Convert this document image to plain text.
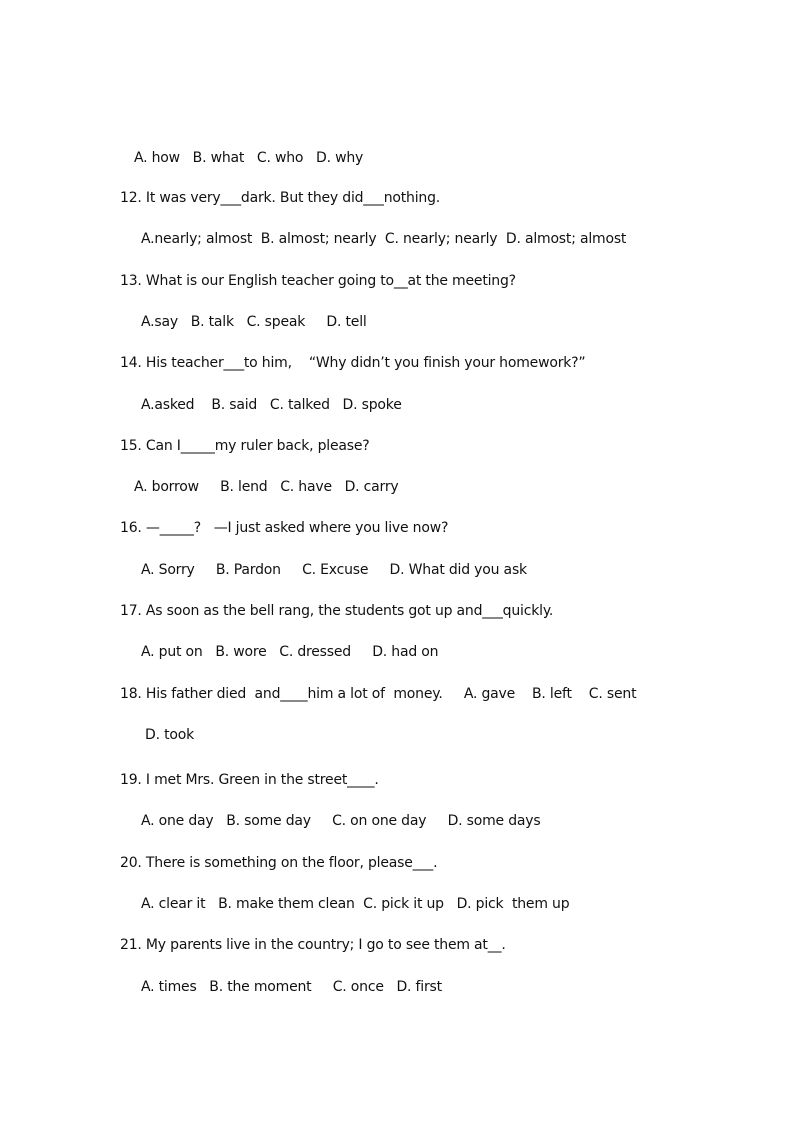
A. how   B. what   C. who   D. why
12. It was very___dark. But they did___nothing.
A.nearly; almost  B. almost; nearly  C. nearly; nearly  D. almost; almost
13. What is our English teacher going to__at the meeting?
A.say   B. talk   C. speak     D. tell
14. His teacher___to him,    “Why didn’t you finish your homework?”
A.asked    B. said   C. talked   D. spoke
15. Can I_____my ruler back, please?
A. borrow     B. lend   C. have   D. carry
16. —_____?   —I just asked where you live now?
A. Sorry     B. Pardon     C. Excuse     D. What did you ask
17. As soon as the bell rang, the students got up and___quickly.
A. put on   B. wore   C. dressed     D. had on
18. His father died  and____him a lot of  money.     A. gave    B. left    C. sent
D. took
19. I met Mrs. Green in the street____.
A. one day   B. some day     C. on one day     D. some days
20. There is something on the floor, please___.
A. clear it   B. make them clean  C. pick it up   D. pick  them up
21. My parents live in the country; I go to see them at__.
A. times   B. the moment     C. once   D. first
